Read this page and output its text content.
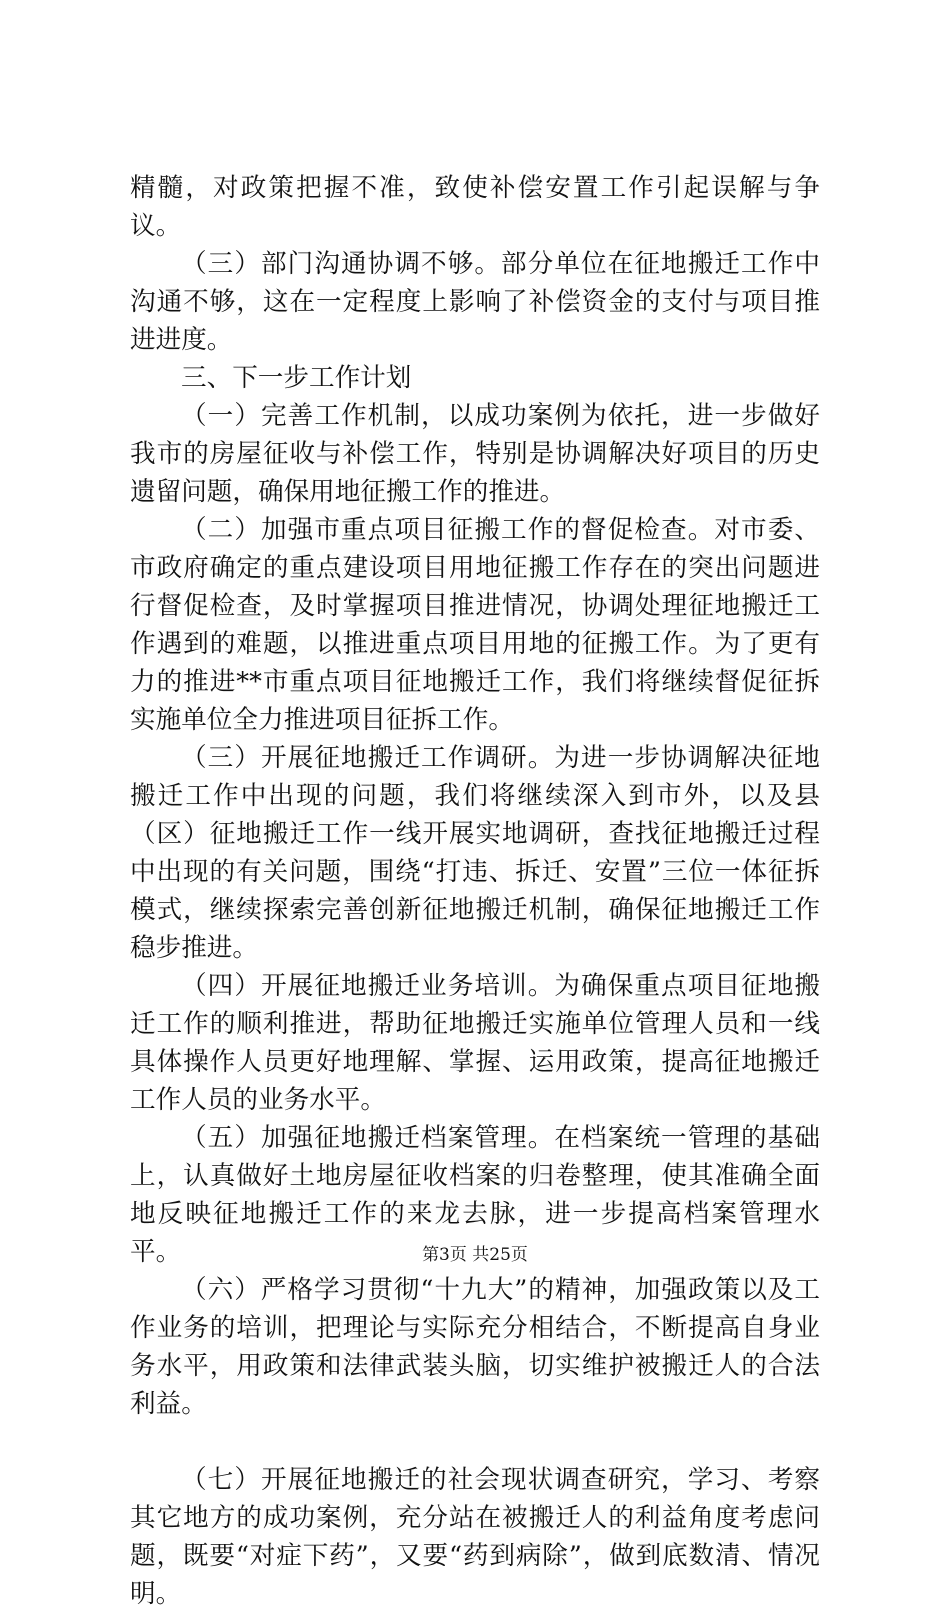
精髓，对政策把握不准，致使补偿安置工作引起误解与争议。

（三）部门沟通协调不够。部分单位在征地搬迁工作中沟通不够，这在一定程度上影响了补偿资金的支付与项目推进进度。

三、下一步工作计划

（一）完善工作机制，以成功案例为依托，进一步做好我市的房屋征收与补偿工作，特别是协调解决好项目的历史遗留问题，确保用地征搬工作的推进。

（二）加强市重点项目征搬工作的督促检查。对市委、市政府确定的重点建设项目用地征搬工作存在的突出问题进行督促检查，及时掌握项目推进情况，协调处理征地搬迁工作遇到的难题，以推进重点项目用地的征搬工作。为了更有力的推进**市重点项目征地搬迁工作，我们将继续督促征拆实施单位全力推进项目征拆工作。

（三）开展征地搬迁工作调研。为进一步协调解决征地搬迁工作中出现的问题，我们将继续深入到市外，以及县（区）征地搬迁工作一线开展实地调研，查找征地搬迁过程中出现的有关问题，围绕“打违、拆迁、安置”三位一体征拆模式，继续探索完善创新征地搬迁机制，确保征地搬迁工作稳步推进。

（四）开展征地搬迁业务培训。为确保重点项目征地搬迁工作的顺利推进，帮助征地搬迁实施单位管理人员和一线具体操作人员更好地理解、掌握、运用政策，提高征地搬迁工作人员的业务水平。

（五）加强征地搬迁档案管理。在档案统一管理的基础上，认真做好土地房屋征收档案的归卷整理，使其准确全面地反映征地搬迁工作的来龙去脉，进一步提高档案管理水平。

（六）严格学习贯彻“十九大”的精神，加强政策以及工作业务的培训，把理论与实际充分相结合，不断提高自身业务水平，用政策和法律武装头脑，切实维护被搬迁人的合法利益。

（七）开展征地搬迁的社会现状调查研究，学习、考察其它地方的成功案例，充分站在被搬迁人的利益角度考虑问题，既要“对症下药”，又要“药到病除”，做到底数清、情况明。

第3页 共25页
